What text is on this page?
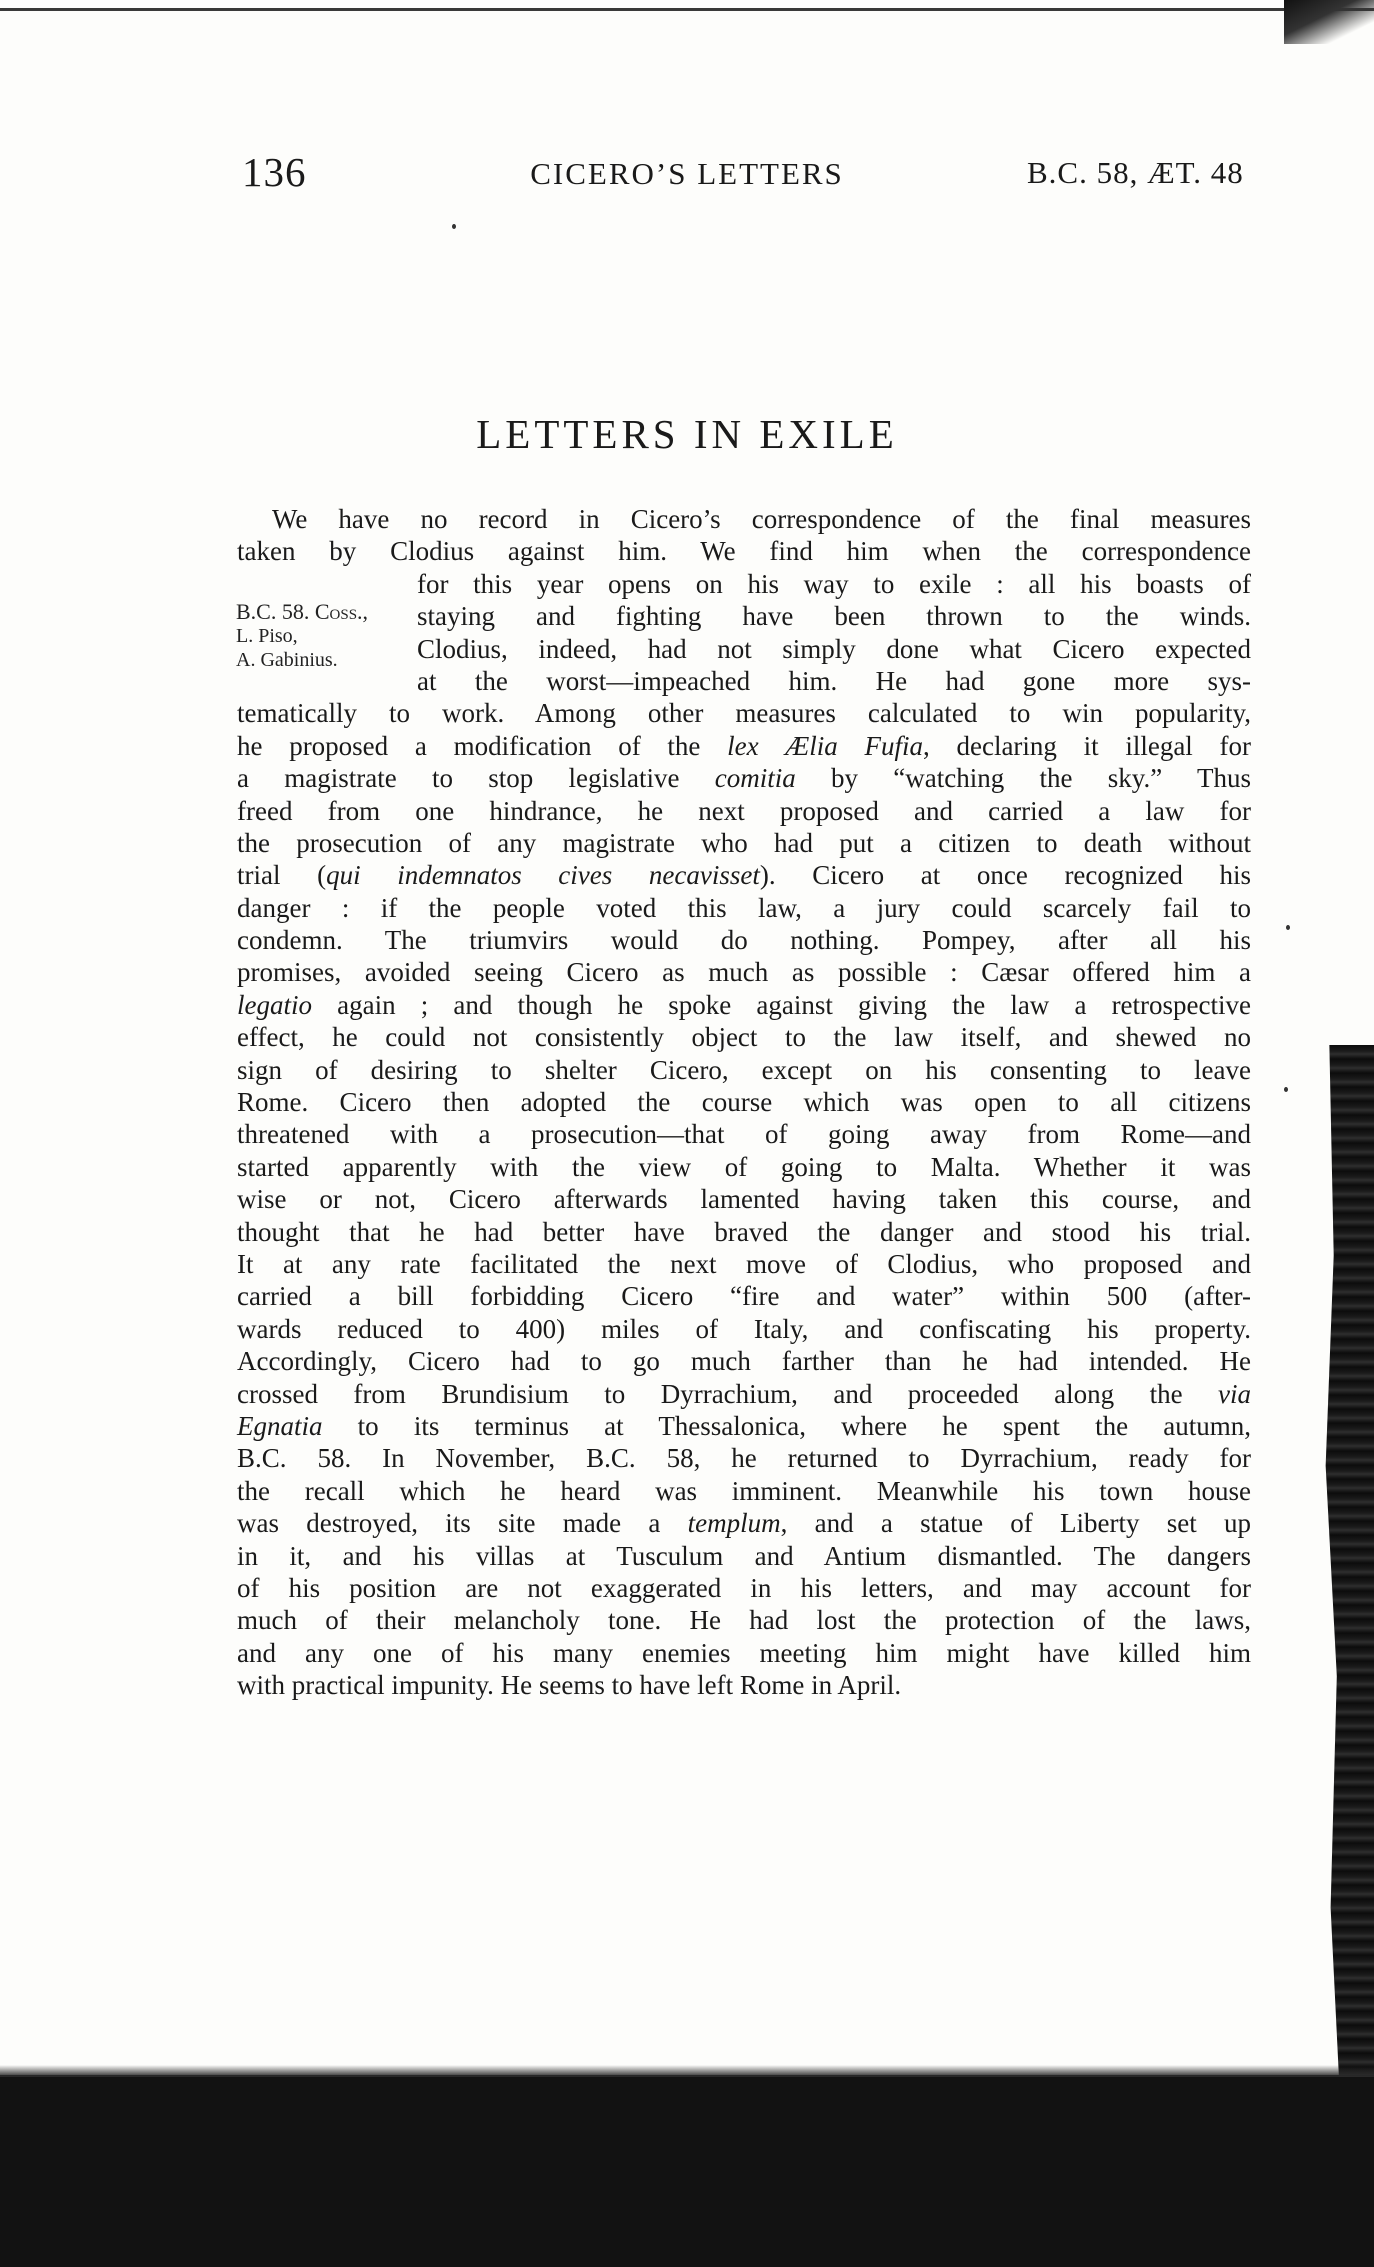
136	CICERO’S LETTERS	B.C. 58, ÆT. 48
LETTERS IN EXILE
B.C. 58. Coss.,
L. Piso,
A. Gabinius.
We have no record in Cicero’s correspondence of the final measures
taken by Clodius against him. We find him when the correspondence
for this year opens on his way to exile : all his boasts of
staying and fighting have been thrown to the winds.
Clodius, indeed, had not simply done what Cicero expected
at the worst—impeached him. He had gone more sys-
tematically to work. Among other measures calculated to win popularity,
he proposed a modification of the lex Ælia Fufia, declaring it illegal for
a magistrate to stop legislative comitia by “watching the sky.” Thus
freed from one hindrance, he next proposed and carried a law for
the prosecution of any magistrate who had put a citizen to death without
trial (qui indemnatos cives necavisset). Cicero at once recognized his
danger : if the people voted this law, a jury could scarcely fail to
condemn. The triumvirs would do nothing. Pompey, after all his
promises, avoided seeing Cicero as much as possible : Cæsar offered him a
legatio again ; and though he spoke against giving the law a retrospective
effect, he could not consistently object to the law itself, and shewed no
sign of desiring to shelter Cicero, except on his consenting to leave
Rome. Cicero then adopted the course which was open to all citizens
threatened with a prosecution—that of going away from Rome—and
started apparently with the view of going to Malta. Whether it was
wise or not, Cicero afterwards lamented having taken this course, and
thought that he had better have braved the danger and stood his trial.
It at any rate facilitated the next move of Clodius, who proposed and
carried a bill forbidding Cicero “fire and water” within 500 (after-
wards reduced to 400) miles of Italy, and confiscating his property.
Accordingly, Cicero had to go much farther than he had intended. He
crossed from Brundisium to Dyrrachium, and proceeded along the via
Egnatia to its terminus at Thessalonica, where he spent the autumn,
B.C. 58. In November, B.C. 58, he returned to Dyrrachium, ready for
the recall which he heard was imminent. Meanwhile his town house
was destroyed, its site made a templum, and a statue of Liberty set up
in it, and his villas at Tusculum and Antium dismantled. The dangers
of his position are not exaggerated in his letters, and may account for
much of their melancholy tone. He had lost the protection of the laws,
and any one of his many enemies meeting him might have killed him
with practical impunity. He seems to have left Rome in April.
